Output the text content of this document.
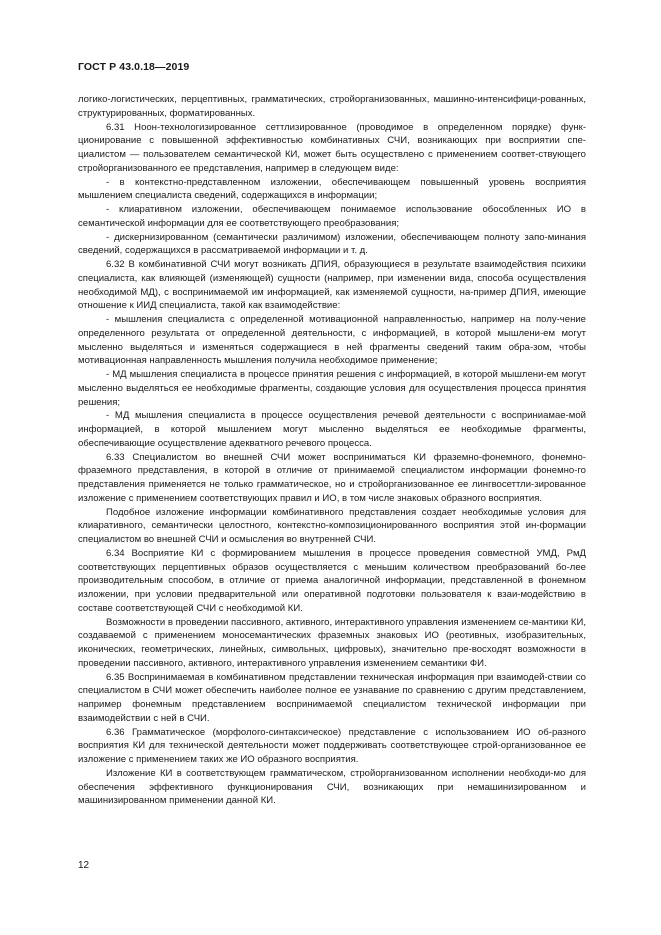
ГОСТ Р 43.0.18—2019

логико-логистических, перцептивных, грамматических, стройорганизованных, машинно-интенсифици-рованных, структурированных, форматированных.

6.31 Ноон-технологизированное сеттлизированное (проводимое в определенном порядке) функ-ционирование с повышенной эффективностью комбинативных СЧИ, возникающих при восприятии спе-циалистом — пользователем семантической КИ, может быть осуществлено с применением соответ-ствующего стройорганизованного ее представления, например в следующем виде:

- в контекстно-представленном изложении, обеспечивающем повышенный уровень восприятия мышлением специалиста сведений, содержащихся в информации;

- клиаративном изложении, обеспечивающем понимаемое использование обособленных ИО в семантической информации для ее соответствующего преобразования;

- дискернизированном (семантически различимом) изложении, обеспечивающем полноту запо-минания сведений, содержащихся в рассматриваемой информации и т. д.

6.32 В комбинативной СЧИ могут возникать ДПИЯ, образующиеся в результате взаимодействия психики специалиста, как влияющей (изменяющей) сущности (например, при изменении вида, способа осуществления необходимой МД), с воспринимаемой им информацией, как изменяемой сущности, на-пример ДПИЯ, имеющие отношение к ИИД специалиста, такой как взаимодействие:

- мышления специалиста с определенной мотивационной направленностью, например на полу-чение определенного результата от определенной деятельности, с информацией, в которой мышлени-ем могут мысленно выделяться и изменяться содержащиеся в ней фрагменты сведений таким обра-зом, чтобы мотивационная направленность мышления получила необходимое применение;

- МД мышления специалиста в процессе принятия решения с информацией, в которой мышлени-ем могут мысленно выделяться ее необходимые фрагменты, создающие условия для осуществления процесса принятия решения;

- МД мышления специалиста в процессе осуществления речевой деятельности с восприниамае-мой информацией, в которой мышлением могут мысленно выделяться ее необходимые фрагменты, обеспечивающие осуществление адекватного речевого процесса.

6.33 Специалистом во внешней СЧИ может восприниматься КИ фраземно-фонемного, фонемно-фраземного представления, в которой в отличие от принимаемой специалистом информации фонемно-го представления применяется не только грамматическое, но и стройорганизованное ее лингвосеттли-зированное изложение с применением соответствующих правил и ИО, в том числе знаковых образного восприятия.

Подобное изложение информации комбинативного представления создает необходимые условия для клиаративного, семантически целостного, контекстно-композиционированного восприятия этой ин-формации специалистом во внешней СЧИ и осмысления во внутренней СЧИ.

6.34 Восприятие КИ с формированием мышления в процессе проведения совместной УМД, РмД соответствующих перцептивных образов осуществляется с меньшим количеством преобразований бо-лее производительным способом, в отличие от приема аналогичной информации, представленной в фонемном изложении, при условии предварительной или оперативной подготовки пользователя к взаи-модействию в составе соответствующей СЧИ с необходимой КИ.

Возможности в проведении пассивного, активного, интерактивного управления изменением се-мантики КИ, создаваемой с применением моносемантических фраземных знаковых ИО (реотивных, изобразительных, иконических, геометрических, линейных, символьных, цифровых), значительно пре-восходят возможности в проведении пассивного, активного, интерактивного управления изменением семантики ФИ.

6.35 Воспринимаемая в комбинативном представлении техническая информация при взаимодей-ствии со специалистом в СЧИ может обеспечить наиболее полное ее узнавание по сравнению с другим представлением, например фонемным представлением воспринимаемой специалистом технической информации при взаимодействии с ней в СЧИ.

6.36 Грамматическое (морфолого-синтаксическое) представление с использованием ИО об-разного восприятия КИ для технической деятельности может поддерживать соответствующее строй-организованное ее изложение с применением таких же ИО образного восприятия.

Изложение КИ в соответствующем грамматическом, стройорганизованном исполнении необходи-мо для обеспечения эффективного функционирования СЧИ, возникающих при немашинизированном и машинизированном применении данной КИ.

12
